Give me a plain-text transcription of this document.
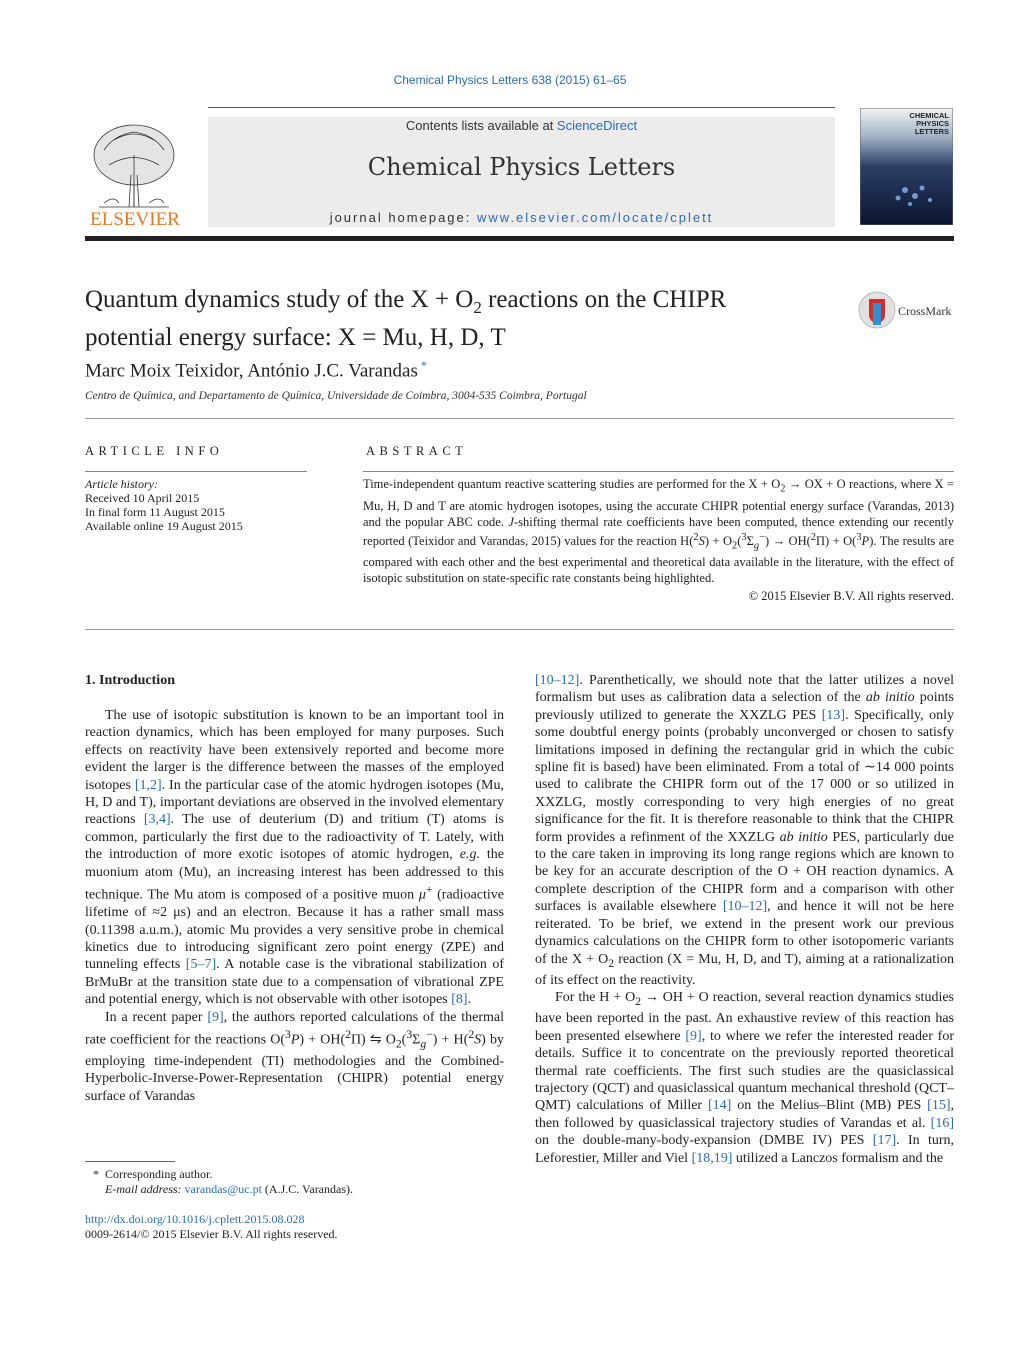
Chemical Physics Letters 638 (2015) 61–65
ELSEVIER
Contents lists available at ScienceDirect
Chemical Physics Letters
journal homepage: www.elsevier.com/locate/cplett
CHEMICAL PHYSICS LETTERS
Quantum dynamics study of the $X + O_2$ reactions on the CHIPR
potential energy surface: X = Mu, H, D, T
CrossMark
Marc Moix Teixidor, António J.C. Varandas *
Centro de Química, and Departamento de Química, Universidade de Coimbra, 3004-535 Coimbra, Portugal
ARTICLE INFO
Article history:
Received 10 April 2015
In final form 11 August 2015
Available online 19 August 2015
ABSTRACT
Time-independent quantum reactive scattering studies are performed for the $X + O_2$ → OX + O reactions, where X = Mu, H, D and T are atomic hydrogen isotopes, using the accurate CHIPR potential energy surface (Varandas, 2013) and the popular ABC code. J-shifting thermal rate coefficients have been computed, thence extending our recently reported (Teixidor and Varandas, 2015) values for the reaction $H(^2S) + O_2(^3\Sigma_g^-) \to OH(^2\Pi) + O(^3P)$. The results are compared with each other and the best experimental and theoretical data available in the literature, with the effect of isotopic substitution on state-specific rate constants being highlighted.
© 2015 Elsevier B.V. All rights reserved.
1. Introduction

The use of isotopic substitution is known to be an important tool in reaction dynamics, which has been employed for many purposes. Such effects on reactivity have been extensively reported and become more evident the larger is the difference between the masses of the employed isotopes [1,2]. In the particular case of the atomic hydrogen isotopes (Mu, H, D and T), important deviations are observed in the involved elementary reactions [3,4]. The use of deuterium (D) and tritium (T) atoms is common, particularly the first due to the radioactivity of T. Lately, with the introduction of more exotic isotopes of atomic hydrogen, e.g. the muonium atom (Mu), an increasing interest has been addressed to this technique. The Mu atom is composed of a positive muon μ+ (radioactive lifetime of ≈2 μs) and an electron. Because it has a rather small mass (0.11398 a.u.m.), atomic Mu provides a very sensitive probe in chemical kinetics due to introducing significant zero point energy (ZPE) and tunneling effects [5–7]. A notable case is the vibrational stabilization of BrMuBr at the transition state due to a compensation of vibrational ZPE and potential energy, which is not observable with other isotopes [8].

In a recent paper [9], the authors reported calculations of the thermal rate coefficient for the reactions O($^3$P) + OH($^2$Π) ⇋ $O_2(^3\Sigma_g^-) + H(^2S)$ by employing time-independent (TI) methodologies and the Combined-Hyperbolic-Inverse-Power-Representation (CHIPR) potential energy surface of Varandas

[10–12]. Parenthetically, we should note that the latter utilizes a novel formalism but uses as calibration data a selection of the ab initio points previously utilized to generate the XXZLG PES [13]. Specifically, only some doubtful energy points (probably unconverged or chosen to satisfy limitations imposed in defining the rectangular grid in which the cubic spline fit is based) have been eliminated. From a total of ∼14 000 points used to calibrate the CHIPR form out of the 17 000 or so utilized in XXZLG, mostly corresponding to very high energies of no great significance for the fit. It is therefore reasonable to think that the CHIPR form provides a refinment of the XXZLG ab initio PES, particularly due to the care taken in improving its long range regions which are known to be key for an accurate description of the O + OH reaction dynamics. A complete description of the CHIPR form and a comparison with other surfaces is available elsewhere [10–12], and hence it will not be here reiterated. To be brief, we extend in the present work our previous dynamics calculations on the CHIPR form to other isotopomeric variants of the $X + O_2$ reaction (X = Mu, H, D, and T), aiming at a rationalization of its effect on the reactivity.

For the $H + O_2$ → OH + O reaction, several reaction dynamics studies have been reported in the past. An exhaustive review of this reaction has been presented elsewhere [9], to where we refer the interested reader for details. Suffice it to concentrate on the previously reported theoretical thermal rate coefficients. The first such studies are the quasiclassical trajectory (QCT) and quasiclassical quantum mechanical threshold (QCT–QMT) calculations of Miller [14] on the Melius–Blint (MB) PES [15], then followed by quasiclassical trajectory studies of Varandas et al. [16] on the double-many-body-expansion (DMBE IV) PES [17]. In turn, Leforestier, Miller and Viel [18,19] utilized a Lanczos formalism and the

* Corresponding author.
E-mail address: varandas@uc.pt (A.J.C. Varandas).
http://dx.doi.org/10.1016/j.cplett.2015.08.028
0009-2614/© 2015 Elsevier B.V. All rights reserved.
